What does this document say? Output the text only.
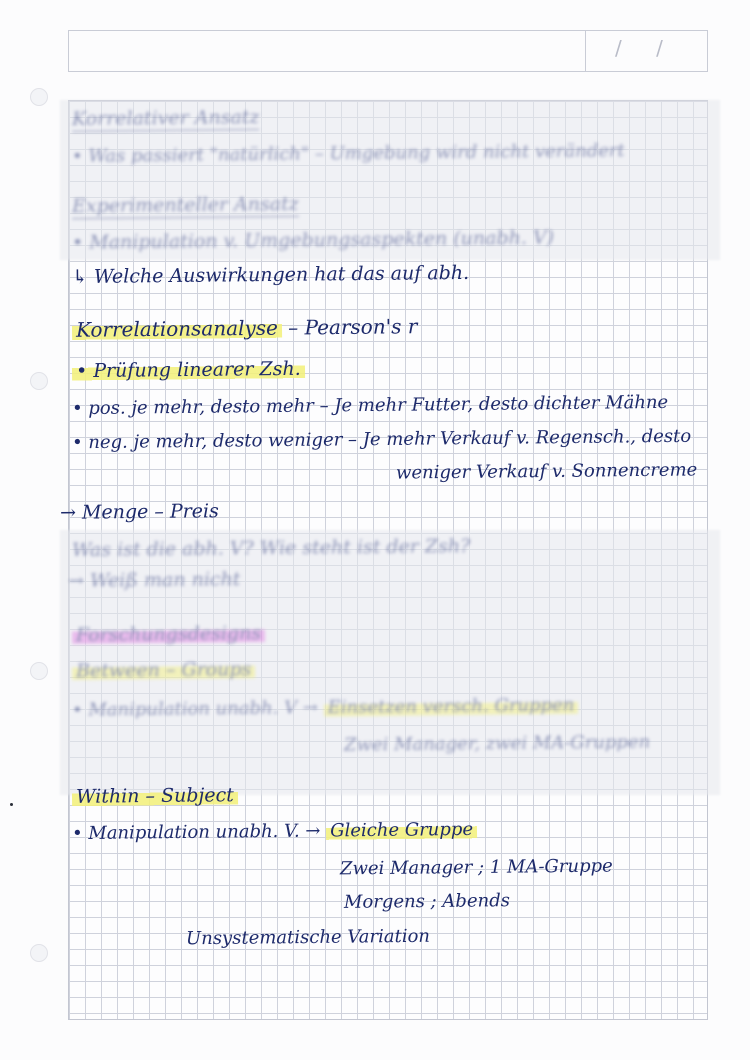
/ /
Korrelativer Ansatz
• Was passiert "natürlich" – Umgebung wird nicht verändert
Experimenteller Ansatz
• Manipulation v. Umgebungsaspekten (unabh. V)
↳ Welche Auswirkungen hat das auf abh.
Korrelationsanalyse – Pearson's r
• Prüfung linearer Zsh.
• pos. je mehr, desto mehr – Je mehr Futter, desto dichter Mähne
• neg. je mehr, desto weniger – Je mehr Verkauf v. Regensch., desto
weniger Verkauf v. Sonnencreme
→ Menge – Preis
Was ist die abh. V? Wie steht ist der Zsh?
→ Weiß man nicht
Forschungsdesigns
Between – Groups
• Manipulation unabh. V → Einsetzen versch. Gruppen
Zwei Manager, zwei MA-Gruppen
Within – Subject
• Manipulation unabh. V. → Gleiche Gruppe
Zwei Manager ; 1 MA-Gruppe
Morgens ; Abends
Unsystematische Variation
